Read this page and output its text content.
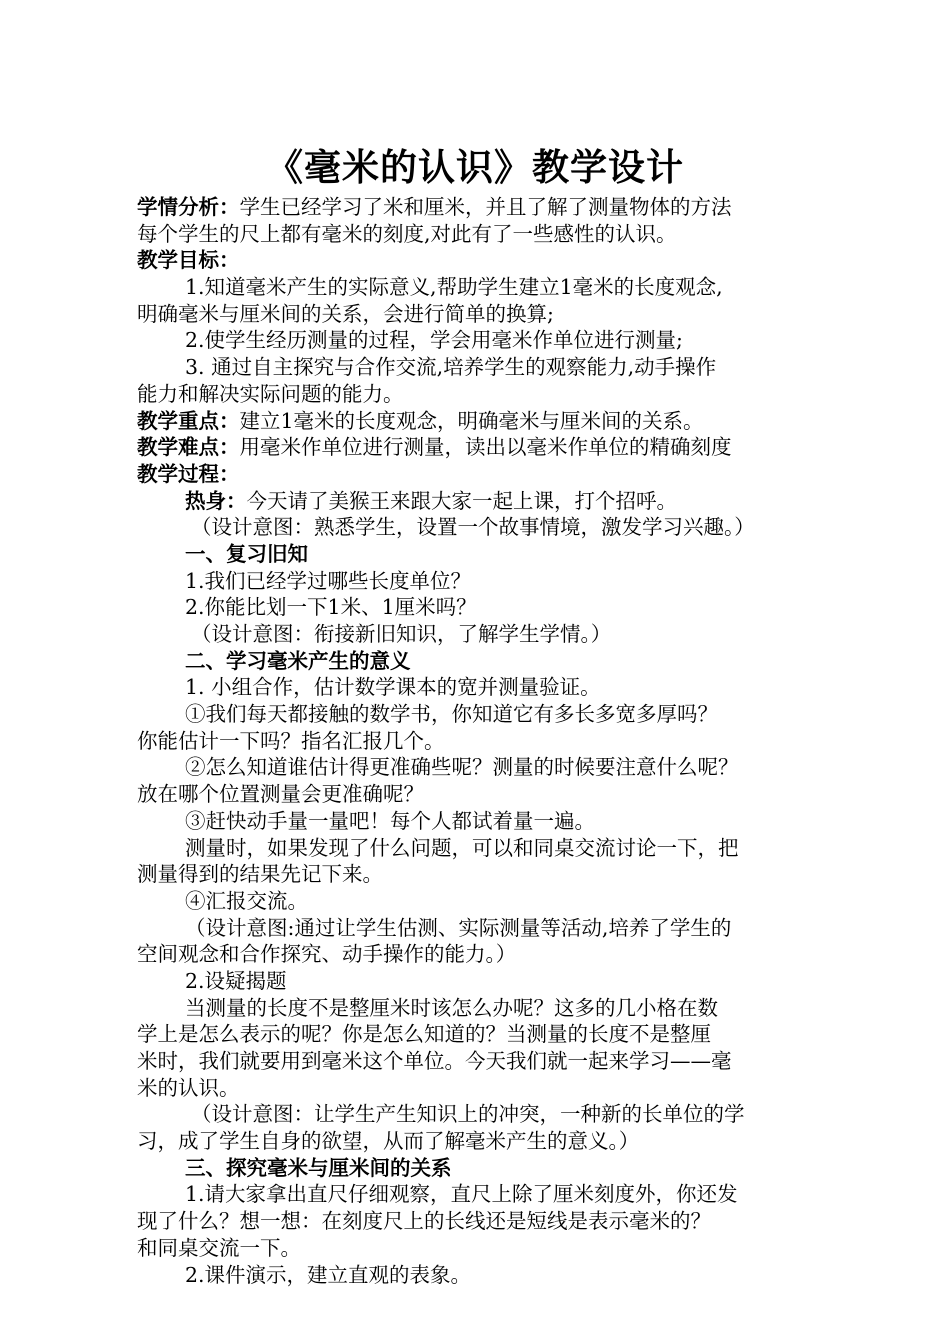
《毫米的认识》教学设计
学情分析：学生已经学习了米和厘米，并且了解了测量物体的方法
每个学生的尺上都有毫米的刻度,对此有了一些感性的认识。
教学目标：
1.知道毫米产生的实际意义,帮助学生建立1毫米的长度观念,
明确毫米与厘米间的关系，会进行简单的换算;
2.使学生经历测量的过程，学会用毫米作单位进行测量;
3. 通过自主探究与合作交流,培养学生的观察能力,动手操作
能力和解决实际问题的能力。
教学重点：建立1毫米的长度观念，明确毫米与厘米间的关系。
教学难点：用毫米作单位进行测量，读出以毫米作单位的精确刻度
教学过程：
热身：今天请了美猴王来跟大家一起上课，打个招呼。
（设计意图：熟悉学生，设置一个故事情境，激发学习兴趣。）
一、复习旧知
1.我们已经学过哪些长度单位？
2.你能比划一下1米、1厘米吗？
（设计意图：衔接新旧知识，了解学生学情。）
二、学习毫米产生的意义
1. 小组合作，估计数学课本的宽并测量验证。
①我们每天都接触的数学书，你知道它有多长多宽多厚吗？
你能估计一下吗？指名汇报几个。
②怎么知道谁估计得更准确些呢？测量的时候要注意什么呢？
放在哪个位置测量会更准确呢？
③赶快动手量一量吧！每个人都试着量一遍。
测量时，如果发现了什么问题，可以和同桌交流讨论一下，把
测量得到的结果先记下来。
④汇报交流。
（设计意图:通过让学生估测、实际测量等活动,培养了学生的
空间观念和合作探究、动手操作的能力。）
2.设疑揭题
当测量的长度不是整厘米时该怎么办呢？这多的几小格在数
学上是怎么表示的呢？你是怎么知道的？当测量的长度不是整厘
米时，我们就要用到毫米这个单位。今天我们就一起来学习——毫
米的认识。
（设计意图：让学生产生知识上的冲突，一种新的长单位的学
习，成了学生自身的欲望，从而了解毫米产生的意义。）
三、探究毫米与厘米间的关系
1.请大家拿出直尺仔细观察，直尺上除了厘米刻度外，你还发
现了什么？想一想：在刻度尺上的长线还是短线是表示毫米的？
和同桌交流一下。
2.课件演示，建立直观的表象。
